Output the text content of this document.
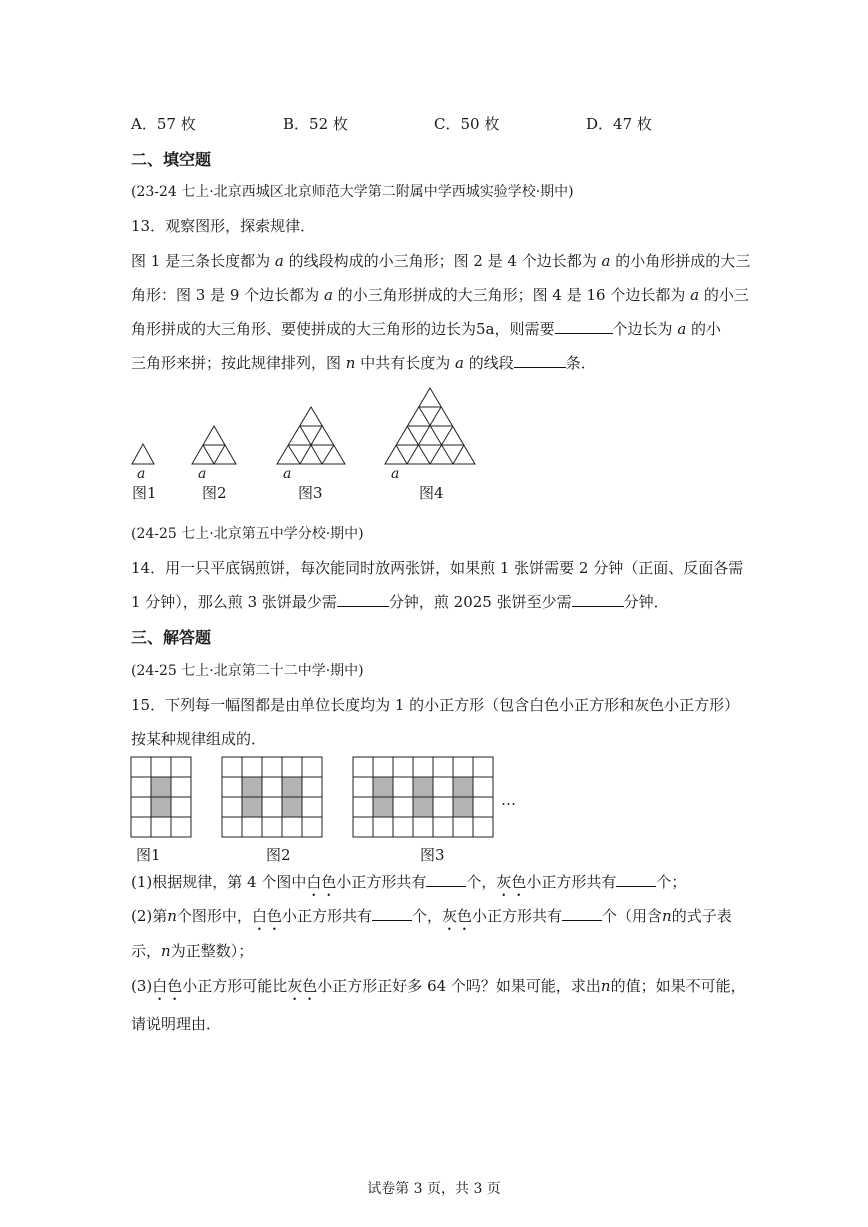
A．57 枚	B．52 枚	C．50 枚	D．47 枚
二、填空题
(23-24 七上·北京西城区北京师范大学第二附属中学西城实验学校·期中)
13．观察图形，探索规律．
图 1 是三条长度都为 a 的线段构成的小三角形；图 2 是 4 个边长都为 a 的小角形拼成的大三
角形：图 3 是 9 个边长都为 a 的小三角形拼成的大三角形；图 4 是 16 个边长都为 a 的小三
角形拼成的大三角形、要使拼成的大三角形的边长为5a，则需要	个边长为 a 的小
三角形来拼；按此规律排列，图 n 中共有长度为 a 的线段	条．
a	a	a	a
图1	图2	图3	图4
(24-25 七上·北京第五中学分校·期中)
14．用一只平底锅煎饼，每次能同时放两张饼，如果煎 1 张饼需要 2 分钟（正面、反面各需
1 分钟），那么煎 3 张饼最少需	分钟，煎 2025 张饼至少需	分钟．
三、解答题
(24-25 七上·北京第二十二中学·期中)
15．下列每一幅图都是由单位长度均为 1 的小正方形（包含白色小正方形和灰色小正方形）
按某种规律组成的．
…
图1	图2	图3
(1)根据规律，第 4 个图中白色小正方形共有	个，灰色小正方形共有	个；
(2)第n个图形中，白色小正方形共有	个，灰色小正方形共有	个（用含n的式子表
示，n为正整数）；
(3)白色小正方形可能比灰色小正方形正好多 64 个吗？如果可能，求出n的值；如果不可能，
请说明理由．
试卷第 3 页，共 3 页
